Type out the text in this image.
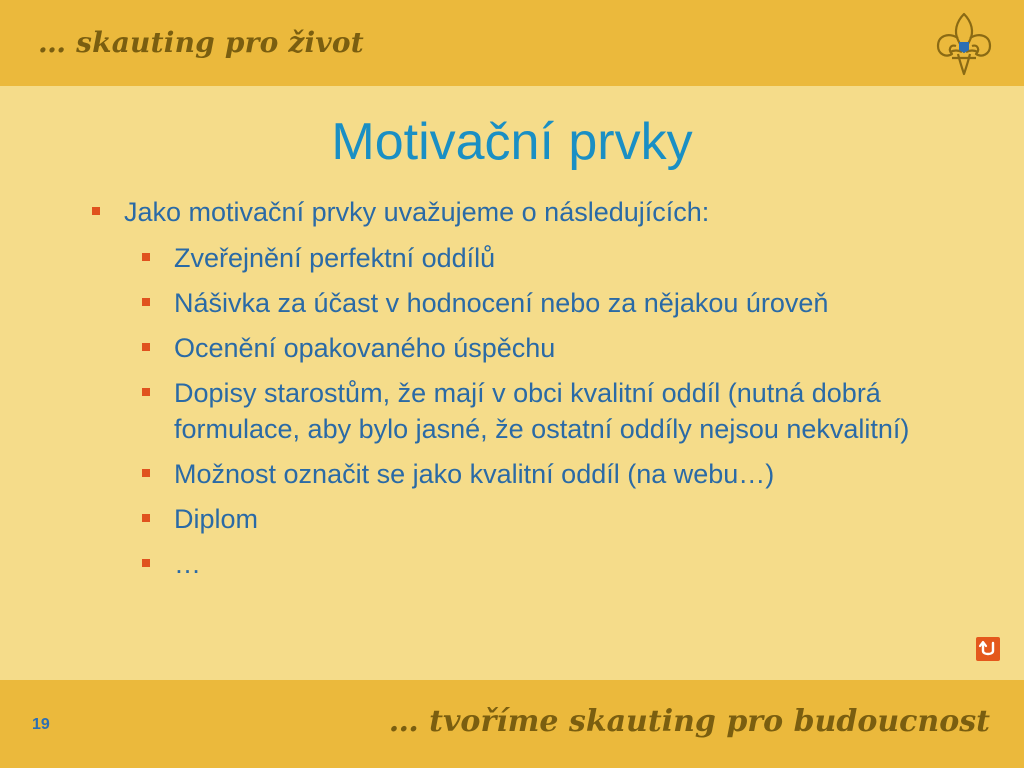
… skauting pro život
Motivační prvky
Jako motivační prvky uvažujeme o následujících:
Zveřejnění perfektní oddílů
Nášivka za účast v hodnocení nebo za nějakou úroveň
Ocenění opakovaného úspěchu
Dopisy starostům, že mají v obci kvalitní oddíl (nutná dobrá formulace, aby bylo jasné, že ostatní oddíly nejsou nekvalitní)
Možnost označit se jako kvalitní oddíl (na webu…)
Diplom
…
19	… tvoříme skauting pro budoucnost
